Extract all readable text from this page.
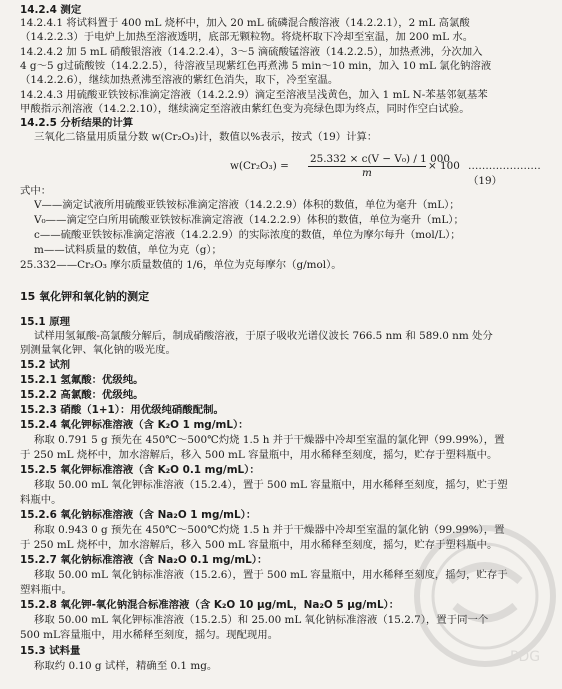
14.2.4 测定
14.2.4.1 将试料置于 400 mL 烧杯中，加入 20 mL 硫磷混合酸溶液（14.2.2.1），2 mL 高氯酸
（14.2.2.3）于电炉上加热至溶液透明，底部无颗粒物。将烧杯取下冷却至室温，加 200 mL 水。
14.2.4.2 加 5 mL 硝酸银溶液（14.2.2.4），3～5 滴硫酸锰溶液（14.2.2.5），加热煮沸，分次加入
4 g～5 g过硫酸铵（14.2.2.5），待溶液呈现紫红色再煮沸 5 min～10 min，加入 10 mL 氯化钠溶液
（14.2.2.6），继续加热煮沸至溶液的紫红色消失，取下，冷至室温。
14.2.4.3 用硫酸亚铁铵标准滴定溶液（14.2.2.9）滴定至溶液呈浅黄色，加入 1 mL N-苯基邻氨基苯
甲酸指示剂溶液（14.2.2.10），继续滴定至溶液由紫红色变为亮绿色即为终点，同时作空白试验。
14.2.5 分析结果的计算
三氧化二铬量用质量分数 w(Cr₂O₃)计，数值以%表示，按式（19）计算：
式中：
V——滴定试液所用硫酸亚铁铵标准滴定溶液（14.2.2.9）体积的数值，单位为毫升（mL）；
V₀——滴定空白所用硫酸亚铁铵标准滴定溶液（14.2.2.9）体积的数值，单位为毫升（mL）；
c——硫酸亚铁铵标准滴定溶液（14.2.2.9）的实际浓度的数值，单位为摩尔每升（mol/L）；
m——试料质量的数值，单位为克（g）；
25.332——Cr₂O₃ 摩尔质量数值的 1/6，单位为克每摩尔（g/mol）。
15 氧化钾和氧化钠的测定
15.1 原理
试样用氢氟酸-高氯酸分解后，制成硝酸溶液，于原子吸收光谱仪波长 766.5 nm 和 589.0 nm 处分
别测量氧化钾、氧化钠的吸光度。
15.2 试剂
15.2.1 氢氟酸：优级纯。
15.2.2 高氯酸：优级纯。
15.2.3 硝酸（1+1）：用优级纯硝酸配制。
15.2.4 氧化钾标准溶液（含 K₂O 1 mg/mL）：
称取 0.791 5 g 预先在 450℃～500℃灼烧 1.5 h 并于干燥器中冷却至室温的氯化钾（99.99%），置
于 250 mL 烧杯中，加水溶解后，移入 500 mL 容量瓶中，用水稀释至刻度，摇匀，贮存于塑料瓶中。
15.2.5 氧化钾标准溶液（含 K₂O 0.1 mg/mL）：
移取 50.00 mL 氧化钾标准溶液（15.2.4），置于 500 mL 容量瓶中，用水稀释至刻度，摇匀，贮于塑
料瓶中。
15.2.6 氧化钠标准溶液（含 Na₂O 1 mg/mL）：
称取 0.943 0 g 预先在 450℃～500℃灼烧 1.5 h 并于干燥器中冷却至室温的氯化钠（99.99%），置
于 250 mL 烧杯中，加水溶解后，移入 500 mL 容量瓶中，用水稀释至刻度，摇匀，贮存于塑料瓶中。
15.2.7 氧化钠标准溶液（含 Na₂O 0.1 mg/mL）：
移取 50.00 mL 氧化钠标准溶液（15.2.6），置于 500 mL 容量瓶中，用水稀释至刻度，摇匀，贮存于
塑料瓶中。
15.2.8 氧化钾-氧化钠混合标准溶液（含 K₂O 10 μg/mL，Na₂O 5 μg/mL）：
移取 50.00 mL 氧化钾标准溶液（15.2.5）和 25.00 mL 氧化钠标准溶液（15.2.7），置于同一个
500 mL容量瓶中，用水稀释至刻度，摇匀。现配现用。
15.3 试料量
称取约 0.10 g 试样，精确至 0.1 mg。
w(Cr₂O₃) =
25.332 × c(V − V₀) / 1 000
m
× 100 …………………（19）
PDG
